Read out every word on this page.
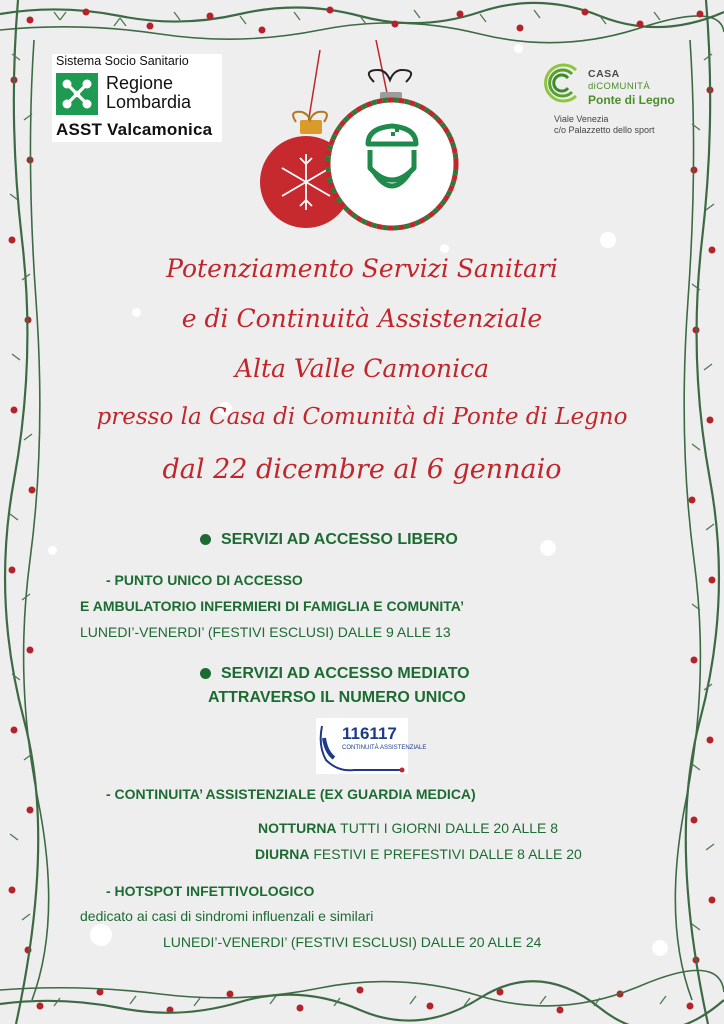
Sistema Socio Sanitario
Regione
Lombardia
ASST Valcamonica
CASA
diCOMUNITÀ
Ponte di Legno
Viale Venezia
c/o Palazzetto dello sport
Potenziamento Servizi Sanitari
e di Continuità Assistenziale
Alta Valle Camonica
presso la Casa di Comunità di Ponte di Legno
dal 22 dicembre al 6 gennaio
SERVIZI AD ACCESSO LIBERO
- PUNTO UNICO DI ACCESSO
E AMBULATORIO INFERMIERI DI FAMIGLIA E COMUNITA’
LUNEDI’-VENERDI’ (FESTIVI ESCLUSI) DALLE 9 ALLE 13
SERVIZI AD ACCESSO MEDIATO
ATTRAVERSO IL NUMERO UNICO
116117
CONTINUITÀ ASSISTENZIALE
- CONTINUITA’ ASSISTENZIALE (EX GUARDIA MEDICA)
NOTTURNA TUTTI I GIORNI DALLE 20 ALLE 8
DIURNA FESTIVI E PREFESTIVI DALLE 8 ALLE 20
- HOTSPOT INFETTIVOLOGICO
dedicato ai casi di sindromi influenzali e similari
LUNEDI’-VENERDI’ (FESTIVI ESCLUSI) DALLE 20 ALLE 24
